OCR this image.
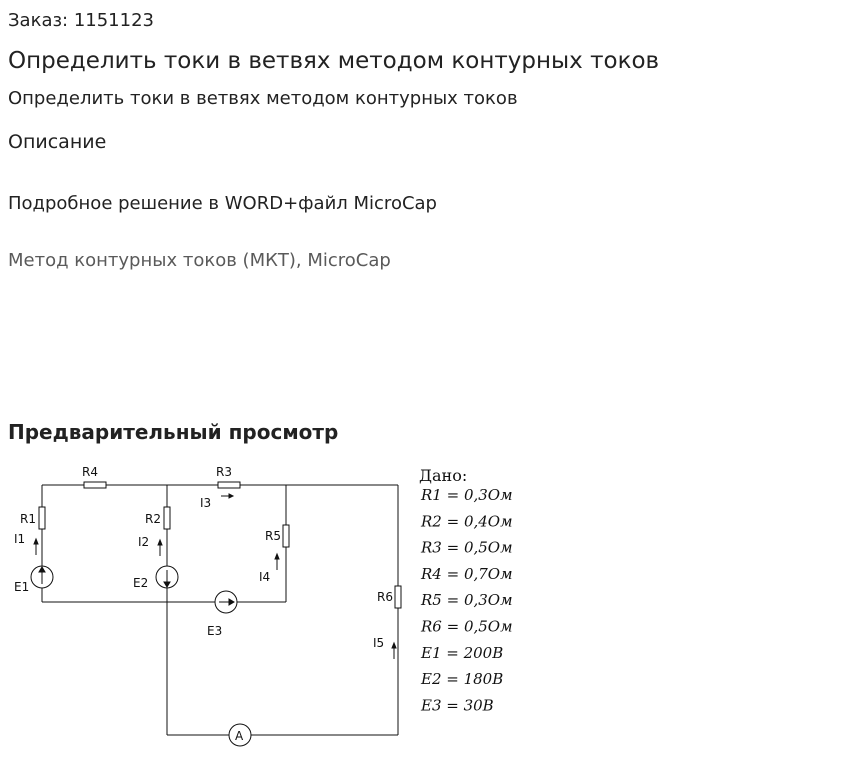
Заказ: 1151123
Определить токи в ветвях методом контурных токов
Определить токи в ветвях методом контурных токов
Описание
Подробное решение в WORD+файл MicroCap
Метод контурных токов (МКТ), MicroCap
Предварительный просмотр
R4	R3
I3
R1
I1
E1
R2
I2
E2
R5
I4
E3
R6
I5
A
Дано:
R1 = 0,3Ом
R2 = 0,4Ом
R3 = 0,5Ом
R4 = 0,7Ом
R5 = 0,3Ом
R6 = 0,5Ом
E1 = 200B
E2 = 180B
E3 = 30B
